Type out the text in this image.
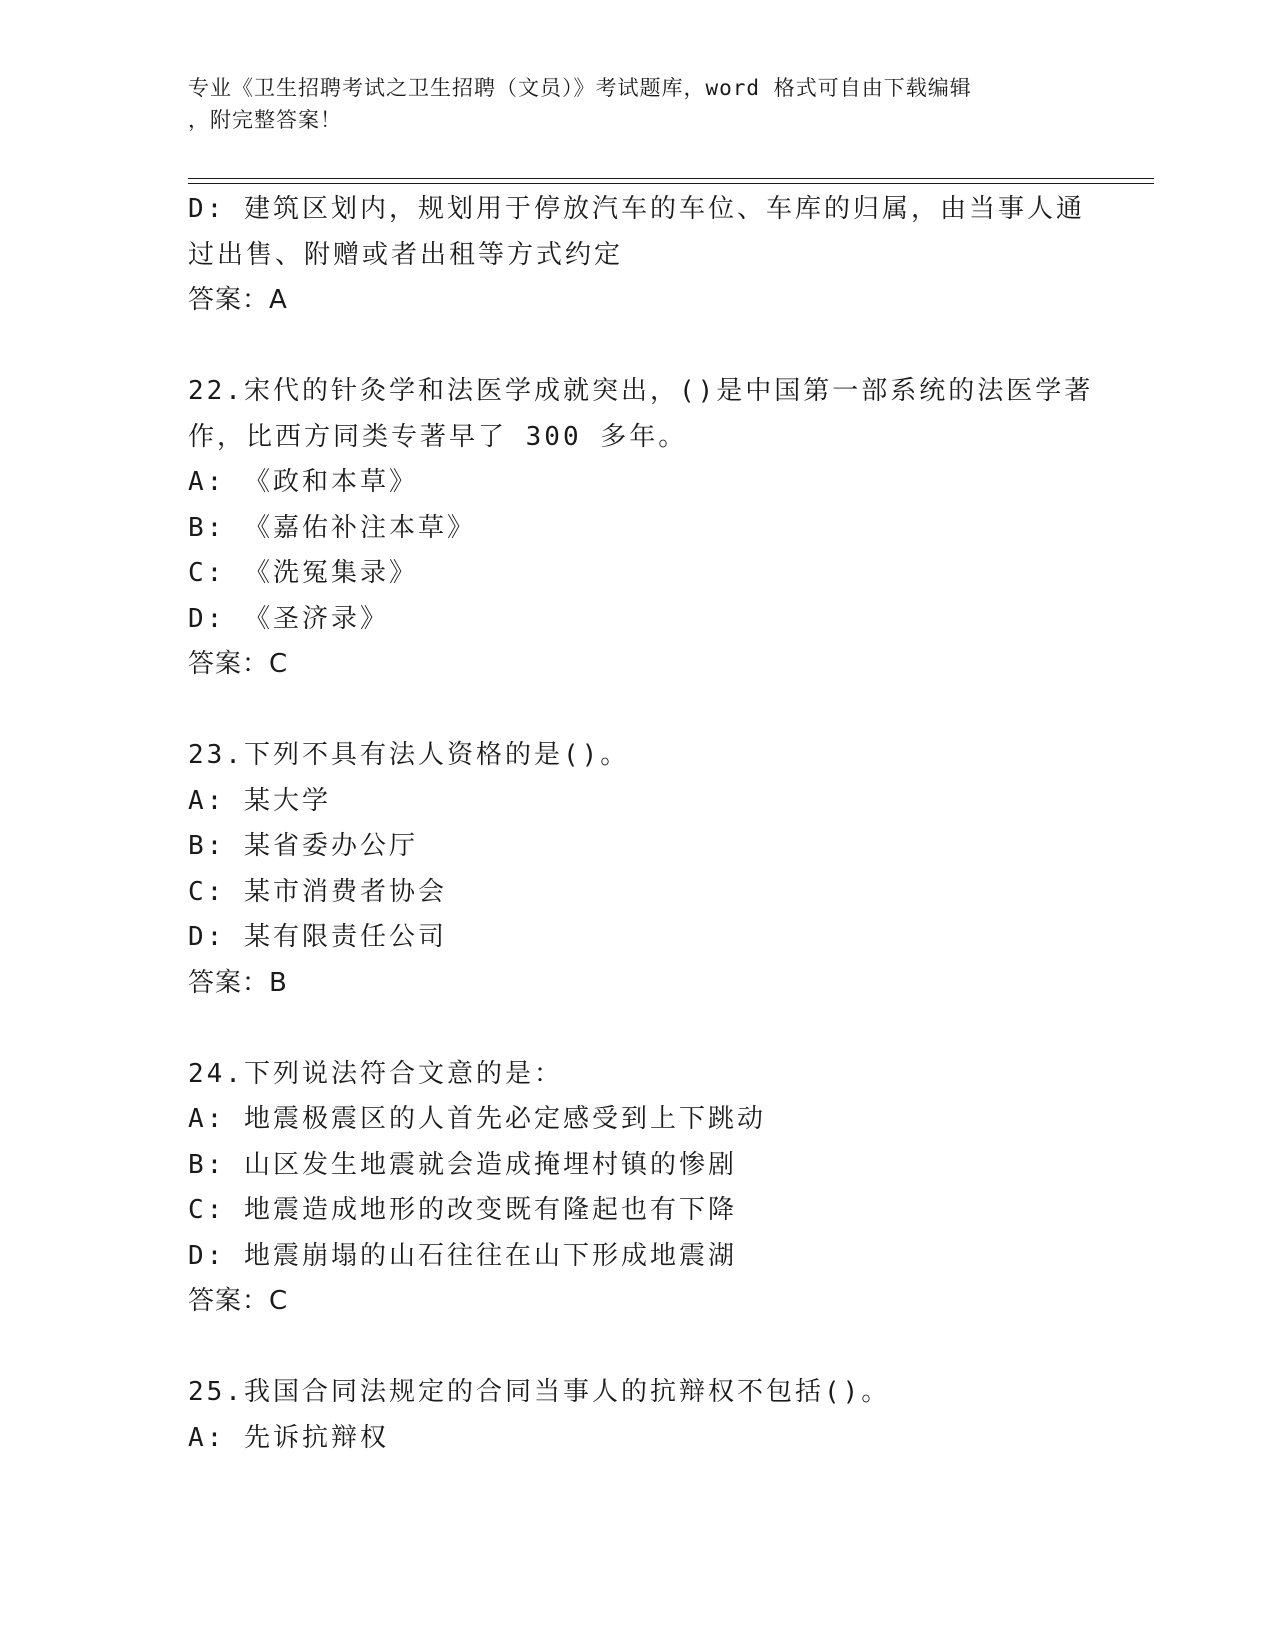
专业《卫生招聘考试之卫生招聘（文员）》考试题库，word 格式可自由下载编辑
，附完整答案！
D: 建筑区划内，规划用于停放汽车的车位、车库的归属，由当事人通
过出售、附赠或者出租等方式约定
答案：A
22.宋代的针灸学和法医学成就突出，()是中国第一部系统的法医学著
作，比西方同类专著早了 300 多年。
A: 《政和本草》
B: 《嘉佑补注本草》
C: 《洗冤集录》
D: 《圣济录》
答案：C
23.下列不具有法人资格的是()。
A: 某大学
B: 某省委办公厅
C: 某市消费者协会
D: 某有限责任公司
答案：B
24.下列说法符合文意的是：
A: 地震极震区的人首先必定感受到上下跳动
B: 山区发生地震就会造成掩埋村镇的惨剧
C: 地震造成地形的改变既有隆起也有下降
D: 地震崩塌的山石往往在山下形成地震湖
答案：C
25.我国合同法规定的合同当事人的抗辩权不包括()。
A: 先诉抗辩权
